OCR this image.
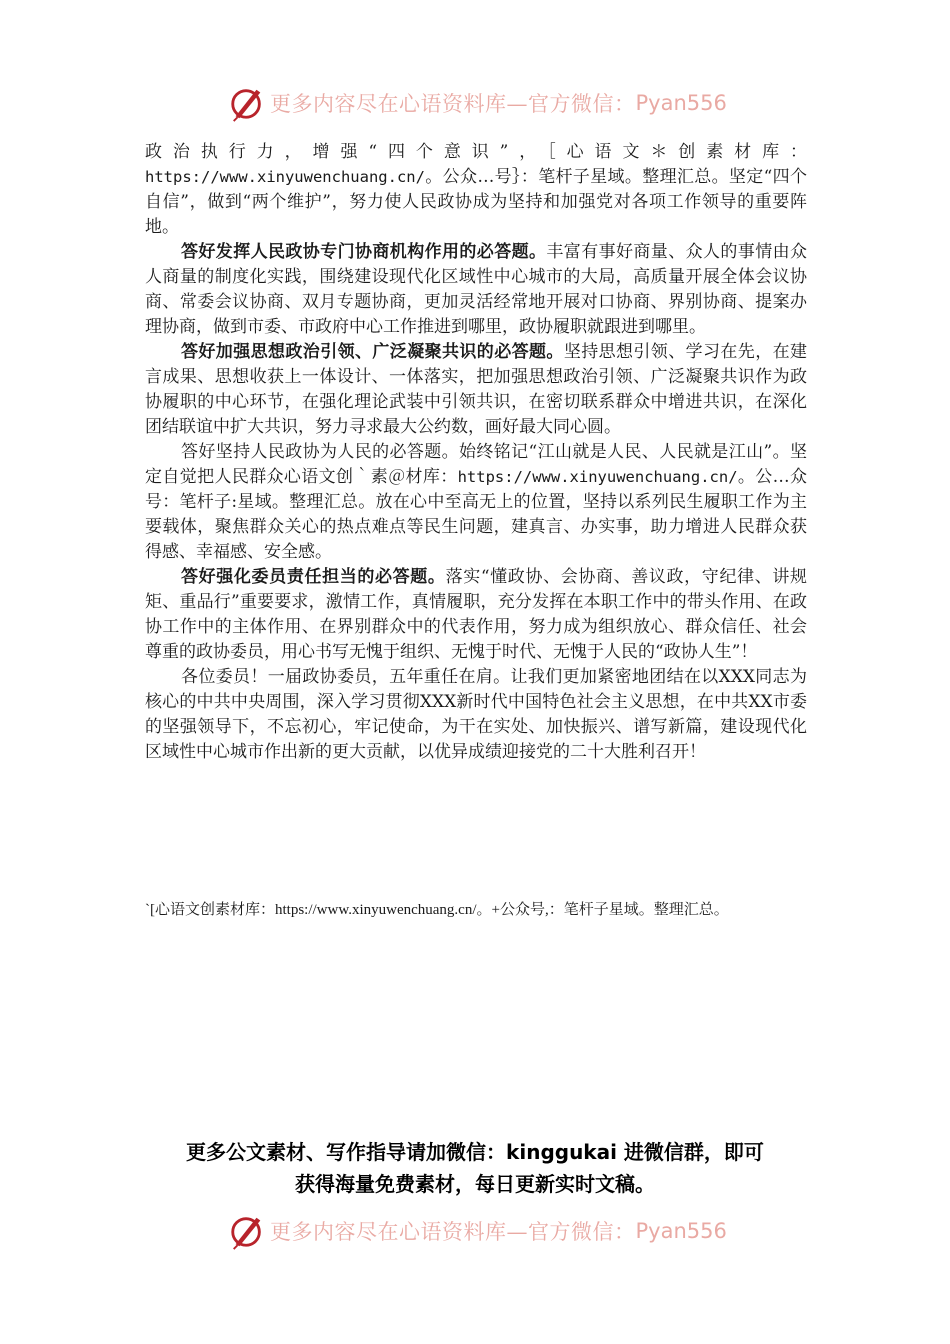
更多内容尽在心语资料库—官方微信： Pyan556

政治执行力，增强“四个意识”，［心语文＊创素材库：https://www.xinyuwenchuang.cn/。公众…号｝：笔杆子星域。整理汇总。坚定“四个自信”，做到“两个维护”，努力使人民政协成为坚持和加强党对各项工作领导的重要阵地。

答好发挥人民政协专门协商机构作用的必答题。丰富有事好商量、众人的事情由众人商量的制度化实践，围绕建设现代化区域性中心城市的大局，高质量开展全体会议协商、常委会议协商、双月专题协商，更加灵活经常地开展对口协商、界别协商、提案办理协商，做到市委、市政府中心工作推进到哪里，政协履职就跟进到哪里。

答好加强思想政治引领、广泛凝聚共识的必答题。坚持思想引领、学习在先，在建言成果、思想收获上一体设计、一体落实，把加强思想政治引领、广泛凝聚共识作为政协履职的中心环节，在强化理论武装中引领共识，在密切联系群众中增进共识，在深化团结联谊中扩大共识，努力寻求最大公约数，画好最大同心圆。

答好坚持人民政协为人民的必答题。始终铭记“江山就是人民、人民就是江山”。坚定自觉把人民群众心语文创｀素＠材库：https://www.xinyuwenchuang.cn/。公…众号：笔杆子:星域。整理汇总。放在心中至高无上的位置，坚持以系列民生履职工作为主要载体，聚焦群众关心的热点难点等民生问题，建真言、办实事，助力增进人民群众获得感、幸福感、安全感。

答好强化委员责任担当的必答题。落实“懂政协、会协商、善议政，守纪律、讲规矩、重品行”重要要求，激情工作，真情履职，充分发挥在本职工作中的带头作用、在政协工作中的主体作用、在界别群众中的代表作用，努力成为组织放心、群众信任、社会尊重的政协委员，用心书写无愧于组织、无愧于时代、无愧于人民的“政协人生”！

各位委员！一届政协委员，五年重任在肩。让我们更加紧密地团结在以XXX同志为核心的中共中央周围，深入学习贯彻XXX新时代中国特色社会主义思想，在中共XX市委的坚强领导下，不忘初心，牢记使命，为干在实处、加快振兴、谱写新篇，建设现代化区域性中心城市作出新的更大贡献，以优异成绩迎接党的二十大胜利召开！

`[心语文创素材库：https://www.xinyuwenchuang.cn/。+公众号,：笔杆子星域。整理汇总。
更多公文素材、写作指导请加微信：kinggukai 进微信群，即可
获得海量免费素材，每日更新实时文稿。
更多内容尽在心语资料库—官方微信： Pyan556
